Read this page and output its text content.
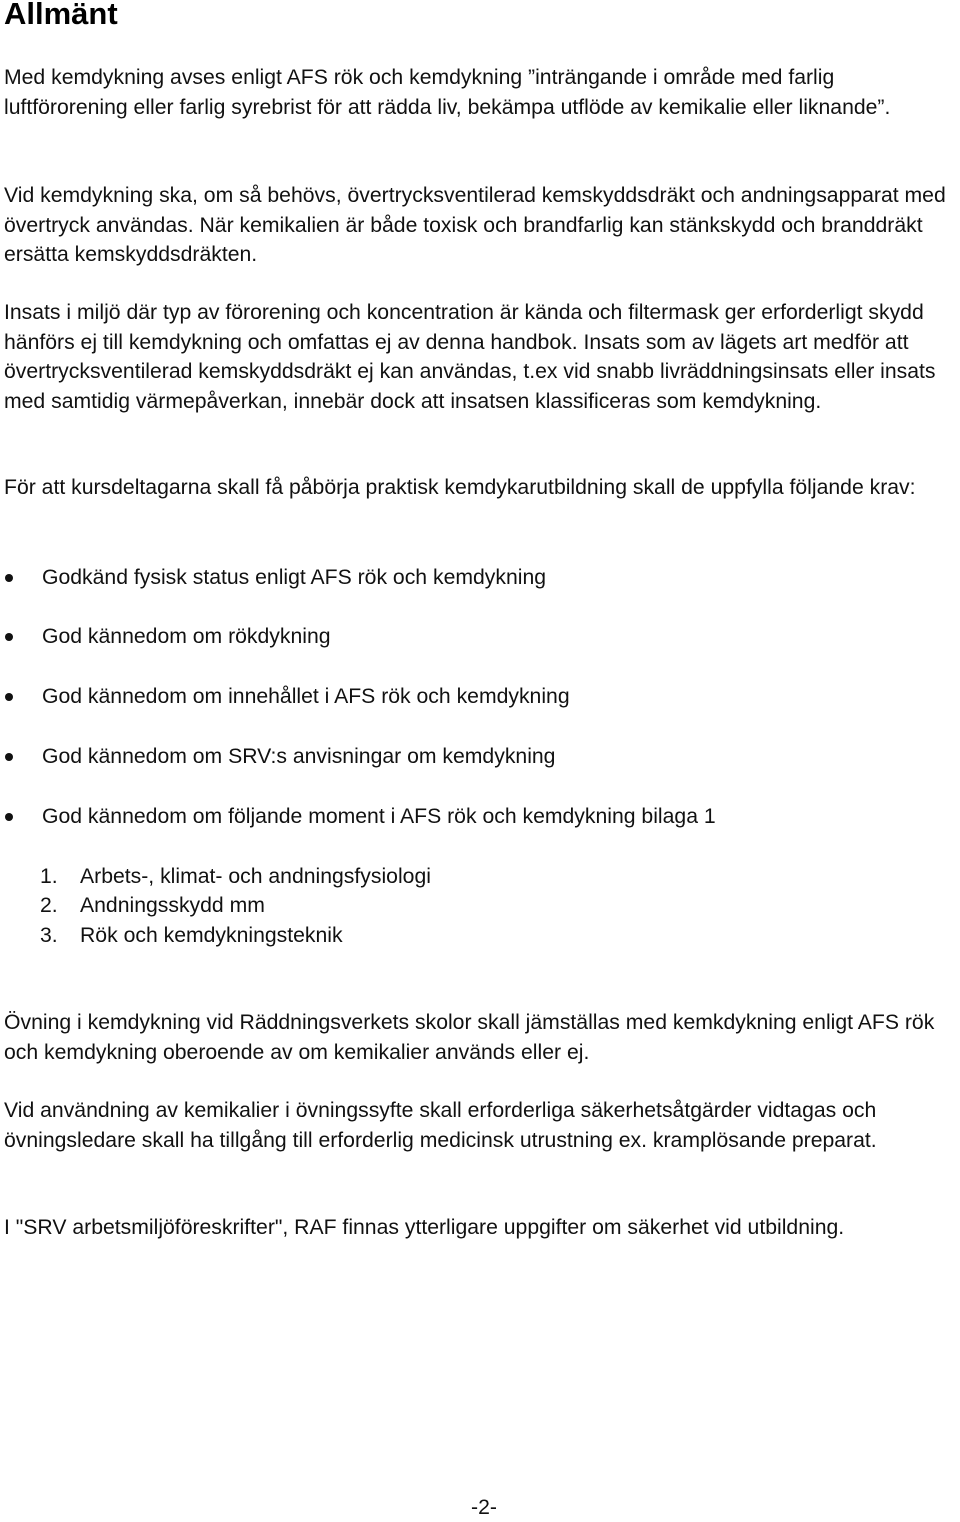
Allmänt

Med kemdykning avses enligt AFS rök och kemdykning ”inträngande i område med farlig luftförorening eller farlig syrebrist för att rädda liv, bekämpa utflöde av kemikalie eller liknande”.

Vid kemdykning ska, om så behövs, övertrycksventilerad kemskyddsdräkt och andningsapparat med övertryck användas. När kemikalien är både toxisk och brandfarlig kan stänkskydd och branddräkt ersätta kemskyddsdräkten.

Insats i miljö där typ av förorening och koncentration är kända och filtermask ger erforderligt skydd hänförs ej till kemdykning och omfattas ej av denna handbok. Insats som av lägets art medför att övertrycksventilerad kemskyddsdräkt ej kan användas, t.ex vid snabb livräddningsinsats eller insats med samtidig värmepåverkan, innebär dock att insatsen klassificeras som kemdykning.

För att kursdeltagarna skall få påbörja praktisk kemdykarutbildning skall de uppfylla följande krav:

Godkänd fysisk status enligt AFS rök och kemdykning
God kännedom om rökdykning
God kännedom om innehållet i AFS rök och kemdykning
God kännedom om SRV:s anvisningar om kemdykning
God kännedom om följande moment i AFS rök och kemdykning bilaga 1
1. Arbets-, klimat- och andningsfysiologi
2. Andningsskydd mm
3. Rök och kemdykningsteknik

Övning i kemdykning vid Räddningsverkets skolor skall jämställas med kemkdykning enligt AFS rök och kemdykning oberoende av om kemikalier används eller ej.

Vid användning av kemikalier i övningssyfte skall erforderliga säkerhetsåtgärder vidtagas och övningsledare skall ha tillgång till erforderlig medicinsk utrustning ex. kramplösande preparat.

I "SRV arbetsmiljöföreskrifter", RAF finnas ytterligare uppgifter om säkerhet vid utbildning.

-2-
